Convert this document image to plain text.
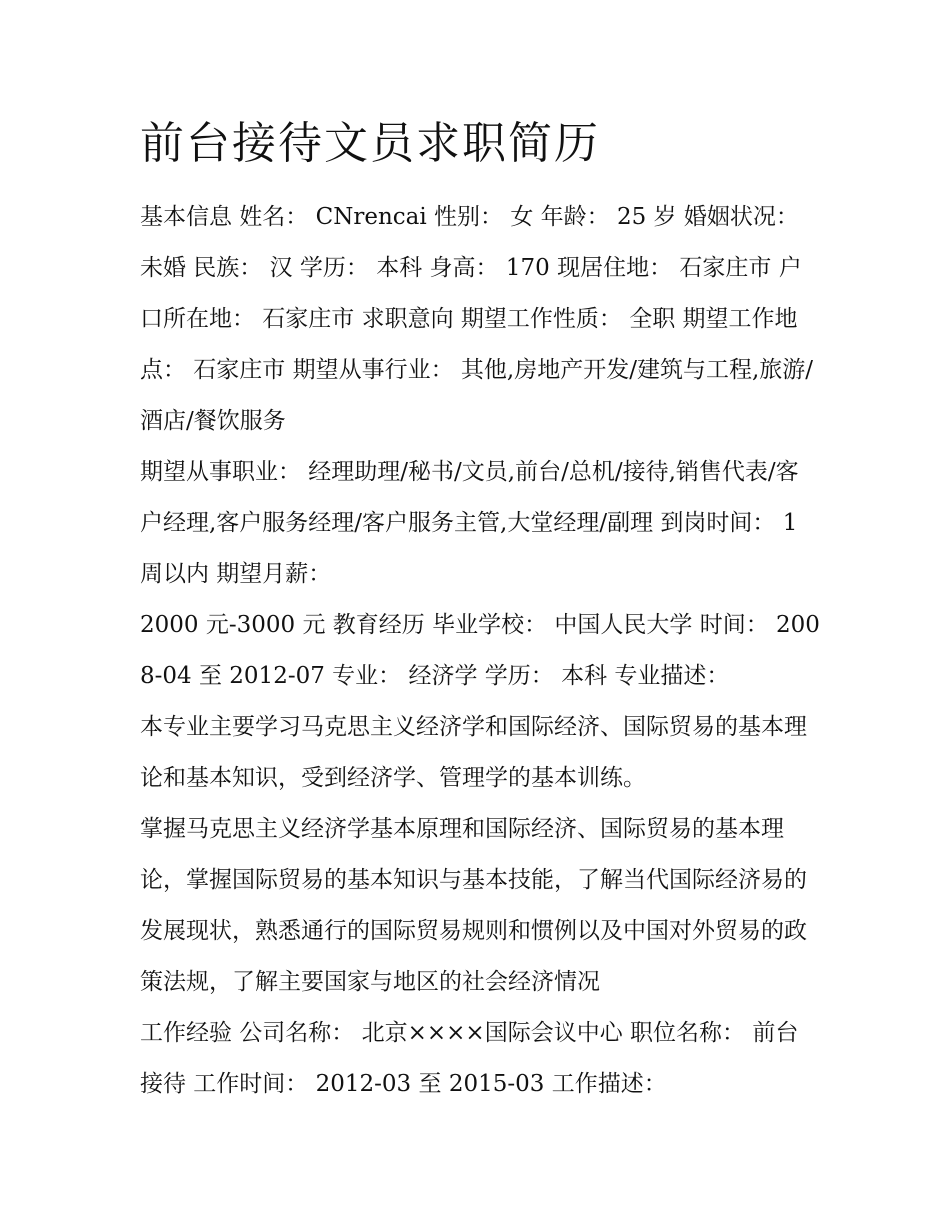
前台接待文员求职简历

基本信息 姓名： CNrencai 性别： 女 年龄： 25 岁 婚姻状况： 未婚 民族： 汉 学历： 本科 身高： 170 现居住地： 石家庄市 户口所在地： 石家庄市 求职意向 期望工作性质： 全职 期望工作地点： 石家庄市 期望从事行业： 其他,房地产开发/建筑与工程,旅游/酒店/餐饮服务

期望从事职业： 经理助理/秘书/文员,前台/总机/接待,销售代表/客户经理,客户服务经理/客户服务主管,大堂经理/副理 到岗时间： 1 周以内 期望月薪：

2000 元-3000 元 教育经历 毕业学校： 中国人民大学 时间： 2008-04 至 2012-07 专业： 经济学 学历： 本科 专业描述：

本专业主要学习马克思主义经济学和国际经济、国际贸易的基本理论和基本知识，受到经济学、管理学的基本训练。

掌握马克思主义经济学基本原理和国际经济、国际贸易的基本理论，掌握国际贸易的基本知识与基本技能，了解当代国际经济易的发展现状，熟悉通行的国际贸易规则和惯例以及中国对外贸易的政策法规，了解主要国家与地区的社会经济情况

工作经验 公司名称： 北京××××国际会议中心 职位名称： 前台接待 工作时间： 2012-03 至 2015-03 工作描述：
